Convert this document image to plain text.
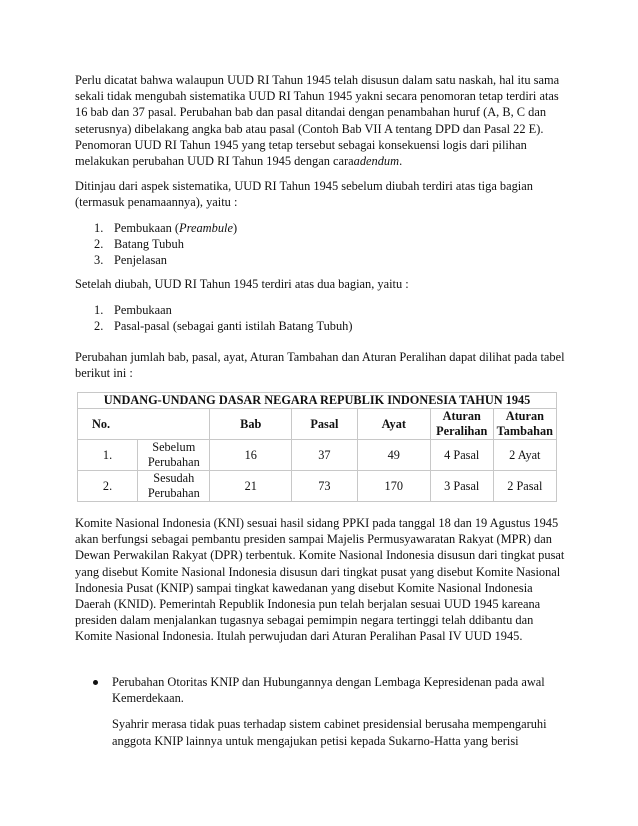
Perlu dicatat bahwa walaupun UUD RI Tahun 1945 telah disusun dalam satu naskah, hal itu sama sekali tidak mengubah sistematika UUD RI Tahun 1945 yakni secara penomoran tetap terdiri atas 16 bab dan 37 pasal. Perubahan bab dan pasal ditandai dengan penambahan huruf (A, B, C dan seterusnya) dibelakang angka bab atau pasal (Contoh Bab VII A tentang DPD dan Pasal 22 E). Penomoran UUD RI Tahun 1945 yang tetap tersebut sebagai konsekuensi logis dari pilihan melakukan perubahan UUD RI Tahun 1945 dengan caraadendum.

Ditinjau dari aspek sistematika, UUD RI Tahun 1945 sebelum diubah terdiri atas tiga bagian (termasuk penamaannya), yaitu :

1. Pembukaan (Preambule)
2. Batang Tubuh
3. Penjelasan

Setelah diubah, UUD RI Tahun 1945 terdiri atas dua bagian, yaitu :

1. Pembukaan
2. Pasal-pasal (sebagai ganti istilah Batang Tubuh)

Perubahan jumlah bab, pasal, ayat, Aturan Tambahan dan Aturan Peralihan dapat dilihat pada tabel berikut ini :

UNDANG-UNDANG DASAR NEGARA REPUBLIK INDONESIA TAHUN 1945						
No.		Bab	Pasal	Ayat	Aturan Peralihan	Aturan Tambahan
1.	Sebelum Perubahan	16	37	49	4 Pasal	2 Ayat
2.	Sesudah Perubahan	21	73	170	3 Pasal	2 Pasal

Komite Nasional Indonesia (KNI) sesuai hasil sidang PPKI pada tanggal 18 dan 19 Agustus 1945 akan berfungsi sebagai pembantu presiden sampai Majelis Permusyawaratan Rakyat (MPR) dan Dewan Perwakilan Rakyat (DPR) terbentuk. Komite Nasional Indonesia disusun dari tingkat pusat yang disebut Komite Nasional Indonesia disusun dari tingkat pusat yang disebut Komite Nasional Indonesia Pusat (KNIP) sampai tingkat kawedanan yang disebut Komite Nasional Indonesia Daerah (KNID). Pemerintah Republik Indonesia pun telah berjalan sesuai UUD 1945 kareana presiden dalam menjalankan tugasnya sebagai pemimpin negara tertinggi telah ddibantu dan Komite Nasional Indonesia. Itulah perwujudan dari Aturan Peralihan Pasal IV UUD 1945.

Perubahan Otoritas KNIP dan Hubungannya dengan Lembaga Kepresidenan pada awal Kemerdekaan.

Syahrir merasa tidak puas terhadap sistem cabinet presidensial berusaha mempengaruhi anggota KNIP lainnya untuk mengajukan petisi kepada Sukarno-Hatta yang berisi
